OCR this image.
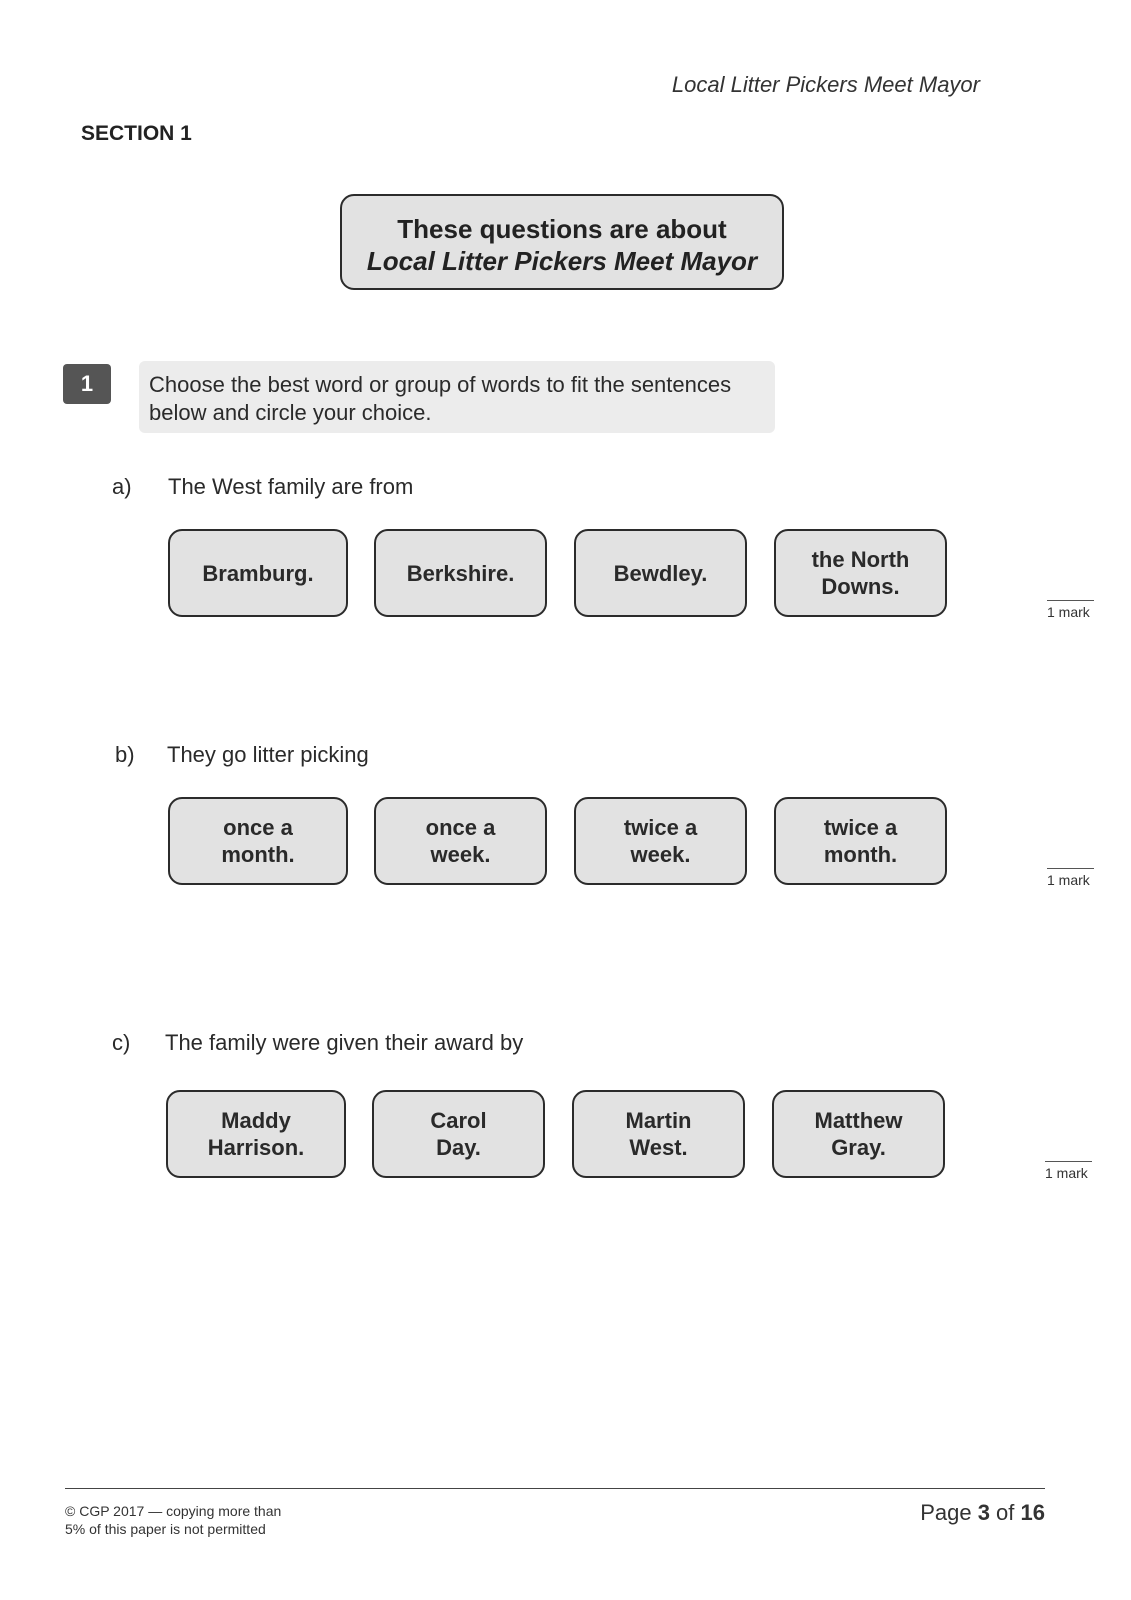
Local Litter Pickers Meet Mayor
SECTION 1
These questions are about
Local Litter Pickers Meet Mayor
1	Choose the best word or group of words to fit the sentences
below and circle your choice.
a) The West family are from
Bramburg.	Berkshire.	Bewdley.
the North
Downs.
1 mark
b) They go litter picking
once a
month.
once a
week.
twice a
week.
twice a
month.
1 mark
c) The family were given their award by
Maddy
Harrison.
Carol
Day.
Martin
West.
Matthew
Gray.
1 mark
© CGP 2017 — copying more than
5% of this paper is not permitted
Page 3 of 16
